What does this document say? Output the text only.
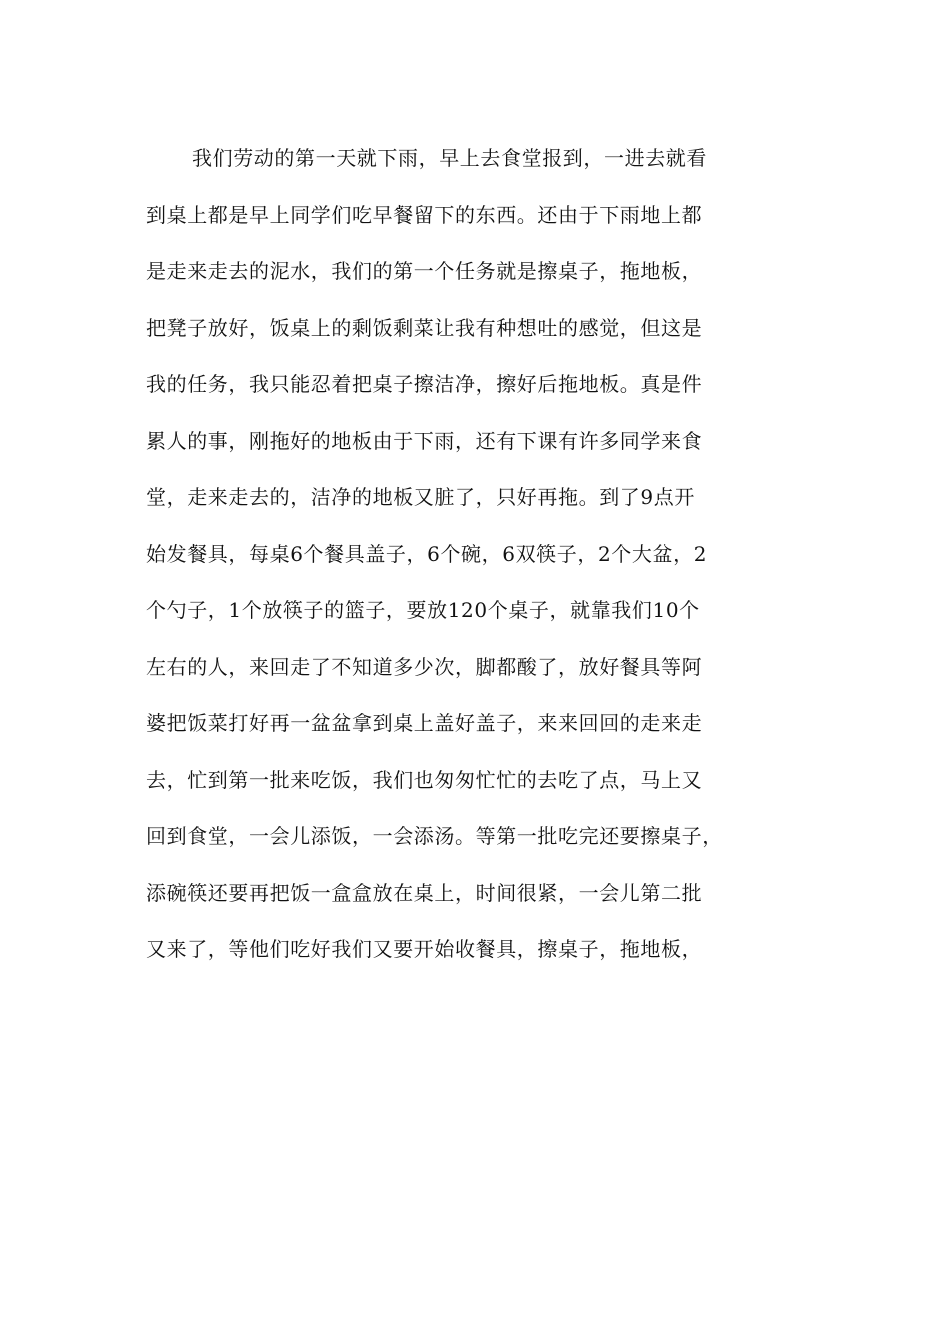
我们劳动的第一天就下雨，早上去食堂报到，一进去就看
到桌上都是早上同学们吃早餐留下的东西。还由于下雨地上都
是走来走去的泥水，我们的第一个任务就是擦桌子，拖地板，
把凳子放好，饭桌上的剩饭剩菜让我有种想吐的感觉，但这是
我的任务，我只能忍着把桌子擦洁净，擦好后拖地板。真是件
累人的事，刚拖好的地板由于下雨，还有下课有许多同学来食
堂，走来走去的，洁净的地板又脏了，只好再拖。到了9点开
始发餐具，每桌6个餐具盖子，6个碗，6双筷子，2个大盆，2
个勺子，1个放筷子的篮子，要放120个桌子，就靠我们10个
左右的人，来回走了不知道多少次，脚都酸了，放好餐具等阿
婆把饭菜打好再一盆盆拿到桌上盖好盖子，来来回回的走来走
去，忙到第一批来吃饭，我们也匆匆忙忙的去吃了点，马上又
回到食堂，一会儿添饭，一会添汤。等第一批吃完还要擦桌子，
添碗筷还要再把饭一盒盒放在桌上，时间很紧，一会儿第二批
又来了，等他们吃好我们又要开始收餐具，擦桌子，拖地板，
